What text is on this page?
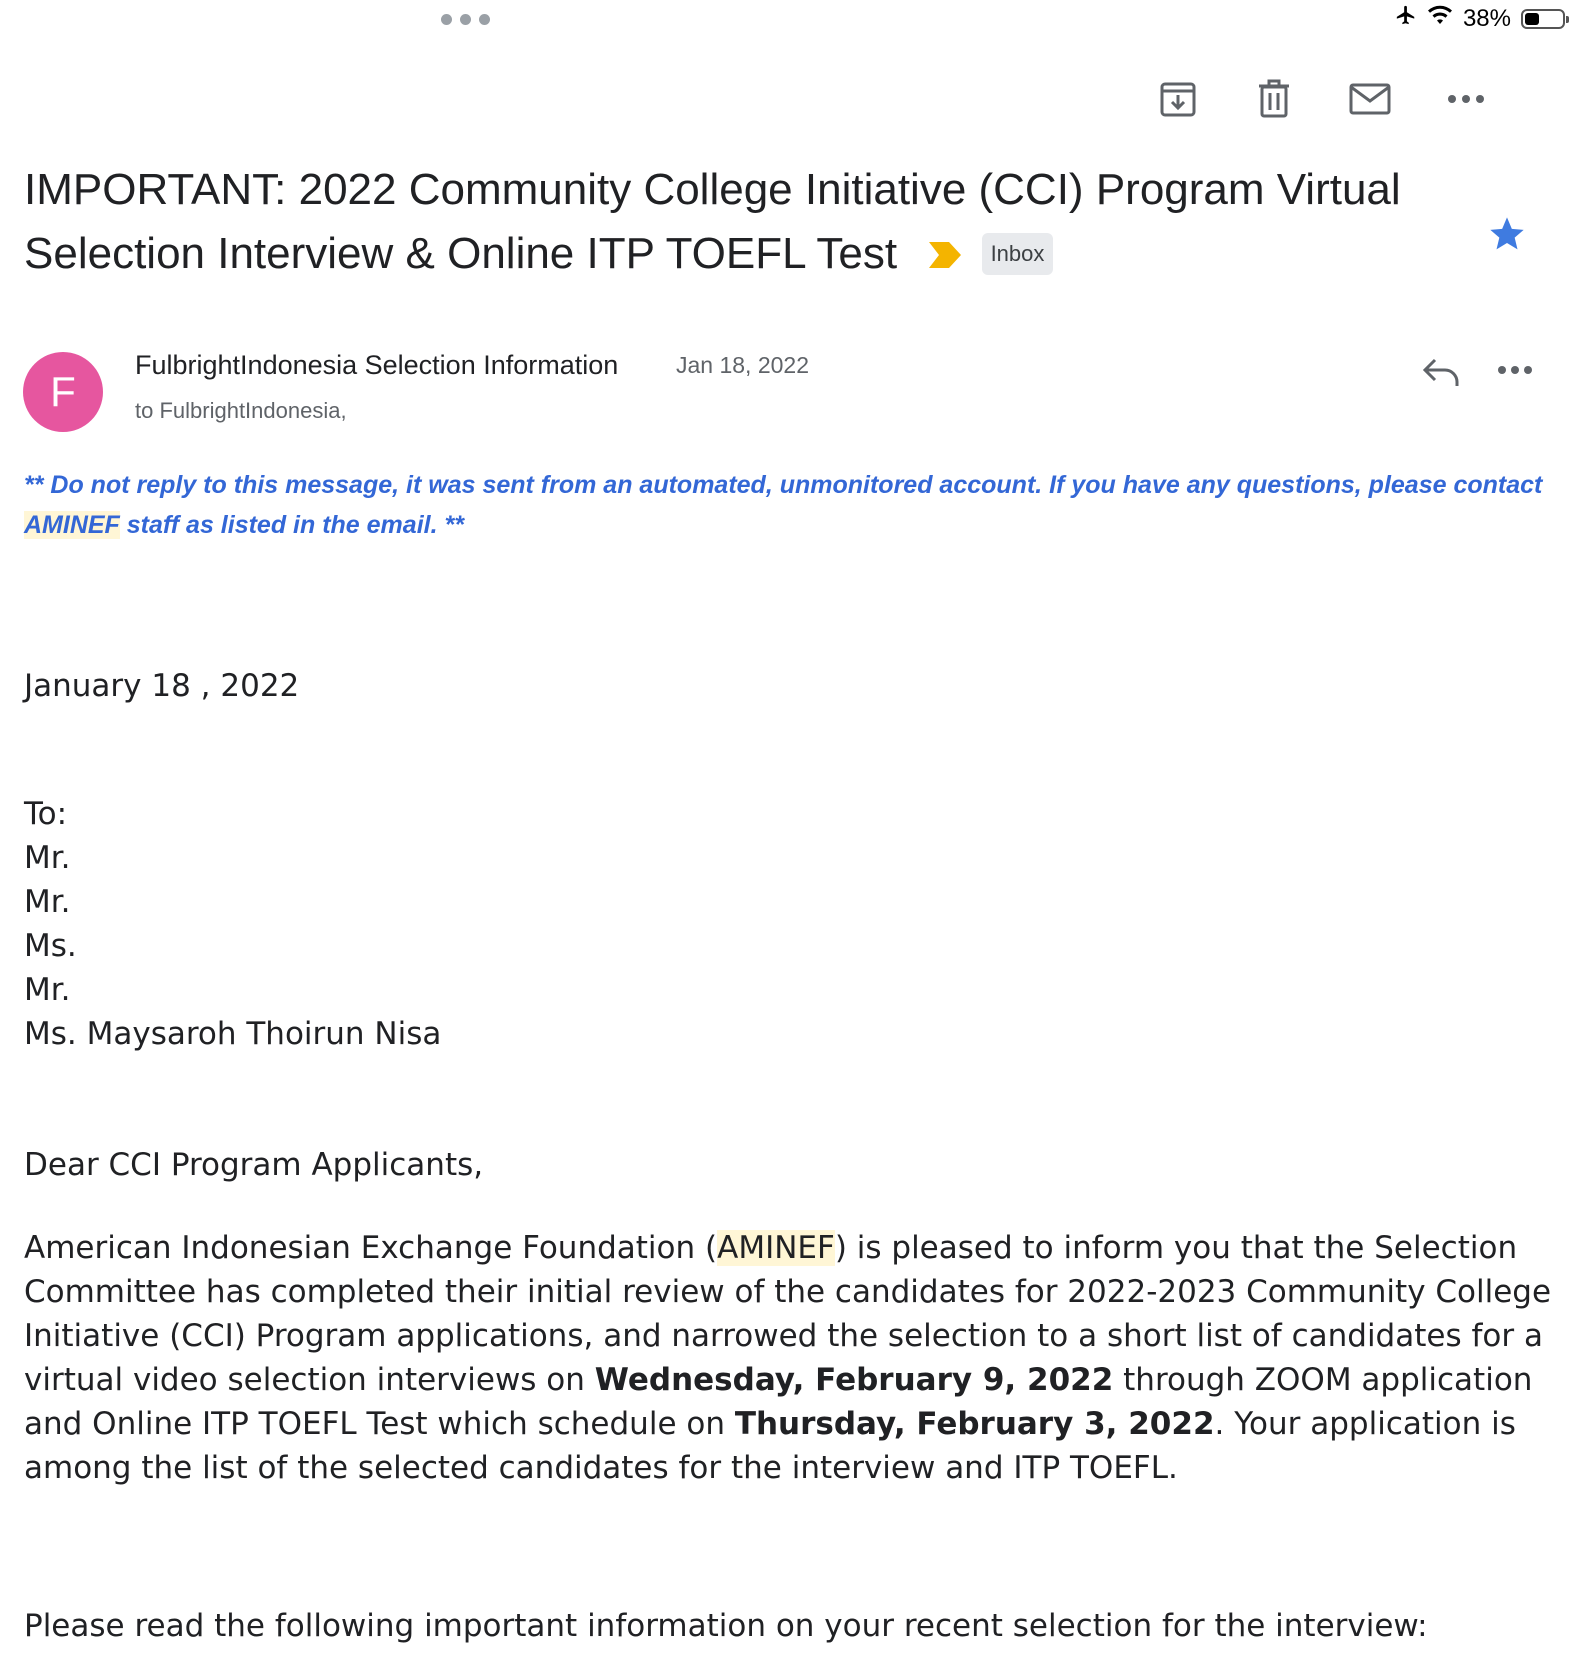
38%
IMPORTANT: 2022 Community College Initiative (CCI) Program Virtual Selection Interview & Online ITP TOEFL Test	Inbox
F
FulbrightIndonesia Selection Information	Jan 18, 2022
to FulbrightIndonesia,
** Do not reply to this message, it was sent from an automated, unmonitored account. If you have any questions, please contact AMINEF staff as listed in the email. **
January 18 , 2022
To:
Mr.
Mr.
Ms.
Mr.
Ms. Maysaroh Thoirun Nisa
Dear CCI Program Applicants,
American Indonesian Exchange Foundation (AMINEF) is pleased to inform you that the Selection Committee has completed their initial review of the candidates for 2022-2023 Community College Initiative (CCI) Program applications, and narrowed the selection to a short list of candidates for a virtual video selection interviews on Wednesday, February 9, 2022 through ZOOM application and Online ITP TOEFL Test which schedule on Thursday, February 3, 2022. Your application is among the list of the selected candidates for the interview and ITP TOEFL.
Please read the following important information on your recent selection for the interview:
